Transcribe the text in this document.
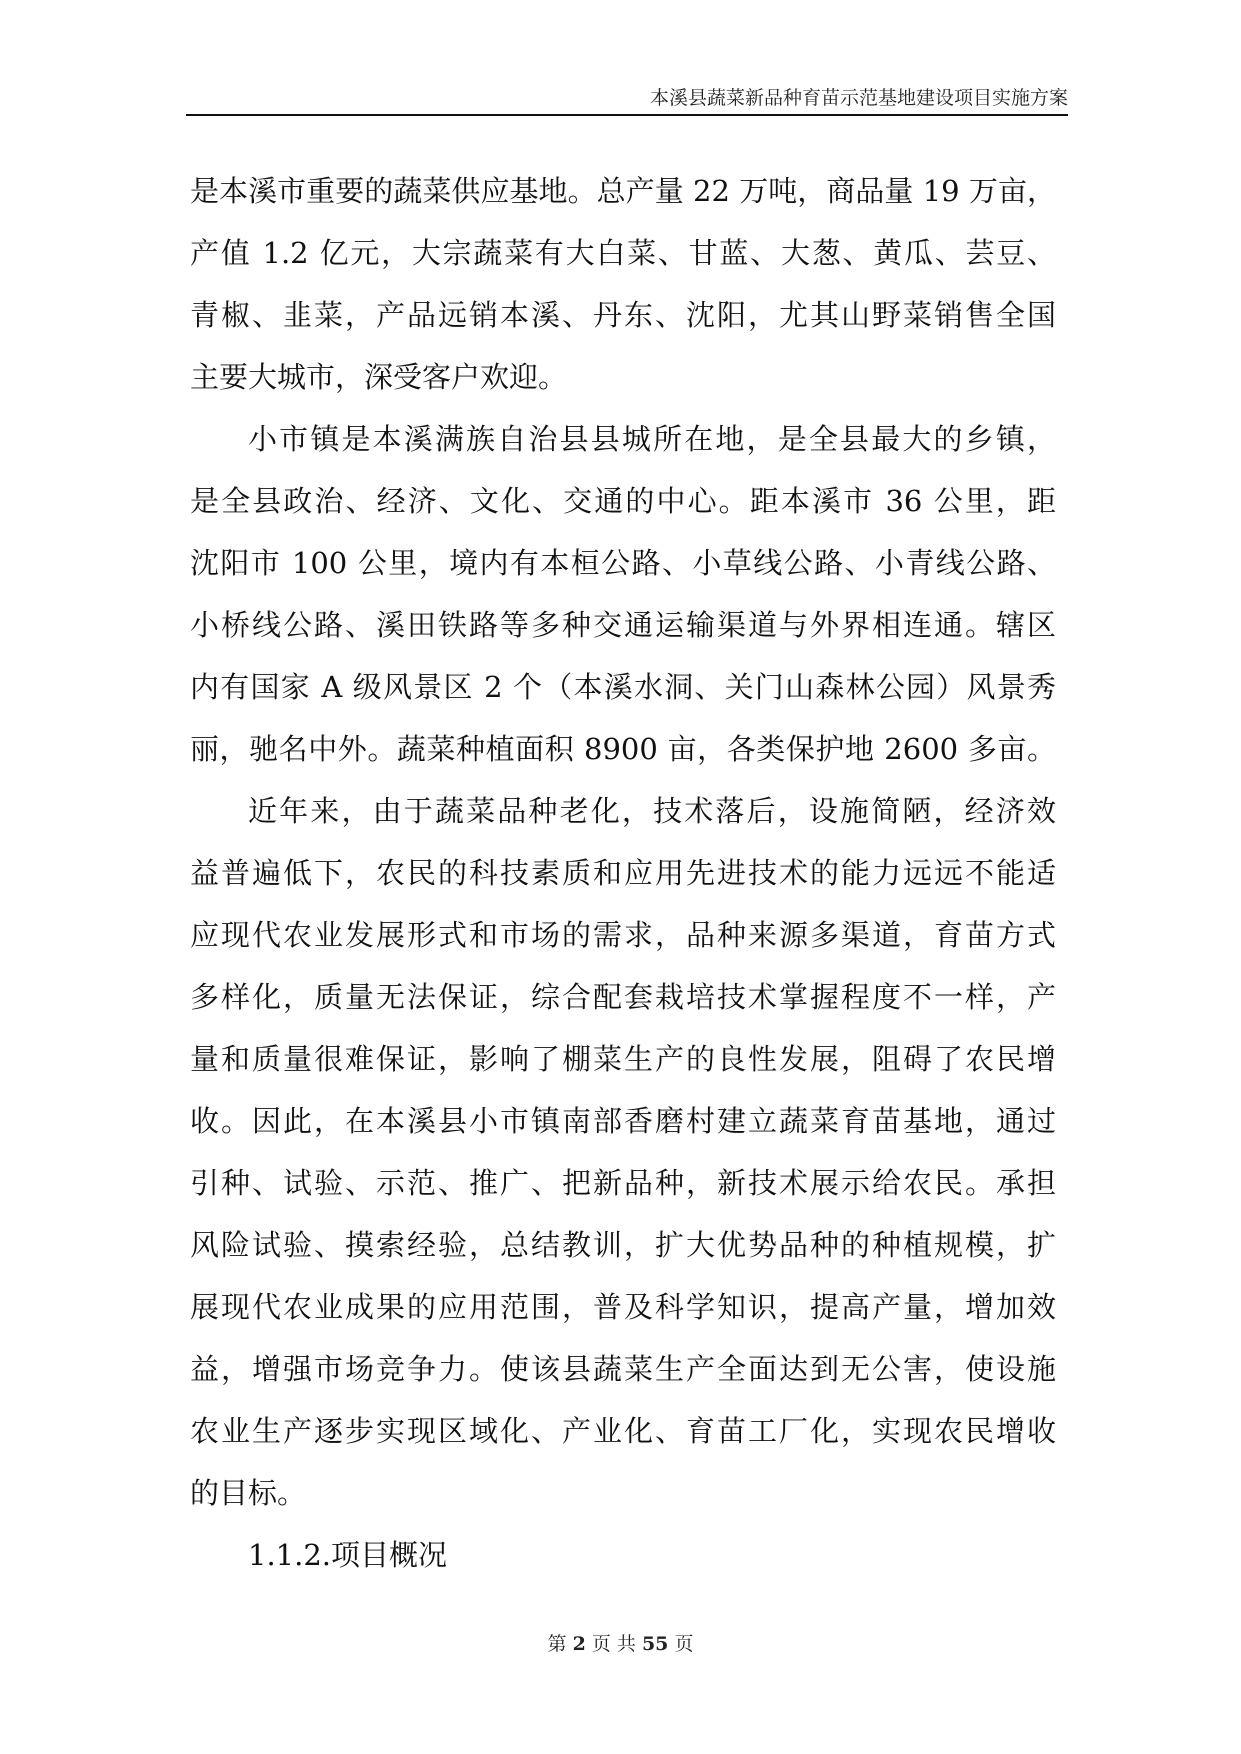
本溪县蔬菜新品种育苗示范基地建设项目实施方案
是本溪市重要的蔬菜供应基地。总产量 22 万吨，商品量 19 万亩，
产值 1.2 亿元，大宗蔬菜有大白菜、甘蓝、大葱、黄瓜、芸豆、
青椒、韭菜，产品远销本溪、丹东、沈阳，尤其山野菜销售全国
主要大城市，深受客户欢迎。
小市镇是本溪满族自治县县城所在地，是全县最大的乡镇，
是全县政治、经济、文化、交通的中心。距本溪市 36 公里，距
沈阳市 100 公里，境内有本桓公路、小草线公路、小青线公路、
小桥线公路、溪田铁路等多种交通运输渠道与外界相连通。辖区
内有国家 A 级风景区 2 个（本溪水洞、关门山森林公园）风景秀
丽，驰名中外。蔬菜种植面积 8900 亩，各类保护地 2600 多亩。
近年来，由于蔬菜品种老化，技术落后，设施简陋，经济效
益普遍低下，农民的科技素质和应用先进技术的能力远远不能适
应现代农业发展形式和市场的需求，品种来源多渠道，育苗方式
多样化，质量无法保证，综合配套栽培技术掌握程度不一样，产
量和质量很难保证，影响了棚菜生产的良性发展，阻碍了农民增
收。因此，在本溪县小市镇南部香磨村建立蔬菜育苗基地，通过
引种、试验、示范、推广、把新品种，新技术展示给农民。承担
风险试验、摸索经验，总结教训，扩大优势品种的种植规模，扩
展现代农业成果的应用范围，普及科学知识，提高产量，增加效
益，增强市场竞争力。使该县蔬菜生产全面达到无公害，使设施
农业生产逐步实现区域化、产业化、育苗工厂化，实现农民增收
的目标。
1.1.2.项目概况
第 2 页 共 55 页
